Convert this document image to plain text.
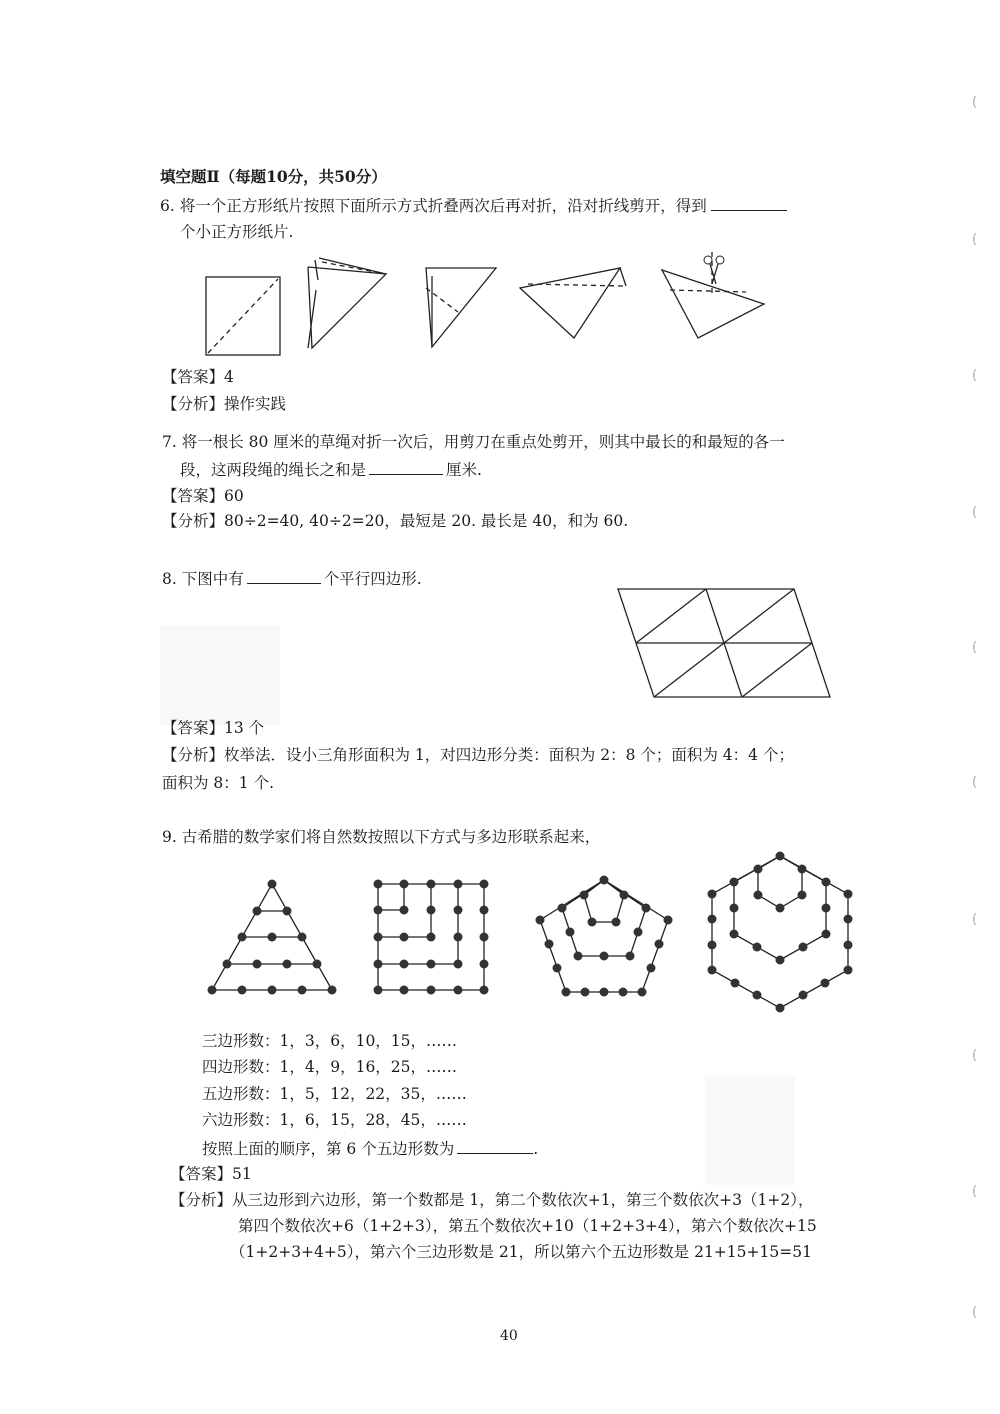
(
(
(
(
(
(
(
(
(
(
填空题Ⅱ（每题10分，共50分）
6. 将一个正方形纸片按照下面所示方式折叠两次后再对折，沿对折线剪开，得到
个小正方形纸片.
【答案】4
【分析】操作实践
7. 将一根长 80 厘米的草绳对折一次后，用剪刀在重点处剪开，则其中最长的和最短的各一
段，这两段绳的绳长之和是	厘米.
【答案】60
【分析】80÷2=40, 40÷2=20，最短是 20. 最长是 40，和为 60.
8. 下图中有	个平行四边形.
【答案】13 个
【分析】枚举法．设小三角形面积为 1，对四边形分类：面积为 2：8 个；面积为 4：4 个；
面积为 8：1 个.
9. 古希腊的数学家们将自然数按照以下方式与多边形联系起来，
三边形数：1，3，6，10，15，……
四边形数：1，4，9，16，25，……
五边形数：1，5，12，22，35，……
六边形数：1，6，15，28，45，……
按照上面的顺序，第 6 个五边形数为	.
【答案】51
【分析】从三边形到六边形，第一个数都是 1，第二个数依次+1，第三个数依次+3（1+2），
第四个数依次+6（1+2+3），第五个数依次+10（1+2+3+4），第六个数依次+15
（1+2+3+4+5），第六个三边形数是 21，所以第六个五边形数是 21+15+15=51
40
